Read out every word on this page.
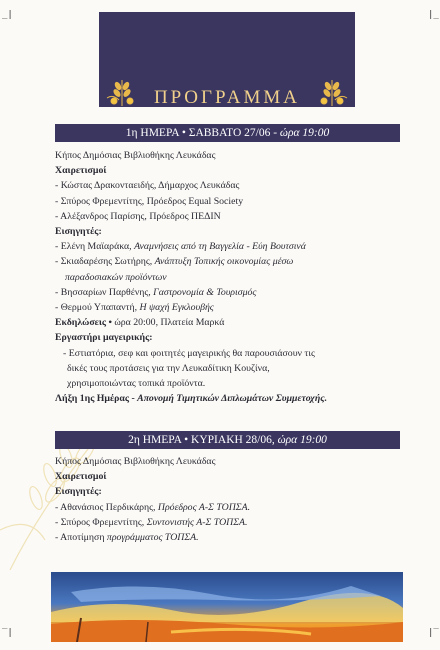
_|	|_
‾|	|‾
ΠΡΟΓΡΑΜΜΑ
1η ΗΜΕΡΑ • ΣΑΒΒΑΤΟ 27/06 - ώρα 19:00
Κήπος Δημόσιας Βιβλιοθήκης Λευκάδας
Χαιρετισμοί
- Κώστας Δρακονταειδής, Δήμαρχος Λευκάδας
- Σπύρος Φρεμεντίτης, Πρόεδρος Equal Society
- Αλέξανδρος Παρίσης, Πρόεδρος ΠΕΔΙΝ
Εισηγητές:
- Ελένη Μαϊαράκα, Αναμνήσεις από τη Βαγγελία - Εύη Βουτσινά
- Σκιαδαρέσης Σωτήρης, Ανάπτυξη Τοπικής οικονομίας μέσω
παραδοσιακών προϊόντων
- Βησσαρίων Παρθένης, Γαστρονομία & Τουρισμός
- Θερμού Υπαπαντή, Η ψαχή Εγκλουβής
Εκδηλώσεις • ώρα 20:00, Πλατεία Μαρκά
Εργαστήρι μαγειρικής:
- Εστιατόρια, σεφ και φοιτητές μαγειρικής θα παρουσιάσουν τις
δικές τους προτάσεις για την Λευκαδίτικη Κουζίνα,
χρησιμοποιώντας τοπικά προϊόντα.
Λήξη 1ης Ημέρας - Απονομή Τιμητικών Διπλωμάτων Συμμετοχής.
2η ΗΜΕΡΑ • ΚΥΡΙΑΚΗ 28/06, ώρα 19:00
Κήπος Δημόσιας Βιβλιοθήκης Λευκάδας
Χαιρετισμοί
Εισηγητές:
- Αθανάσιος Περδικάρης, Πρόεδρος Α-Σ ΤΟΠΣΑ.
- Σπύρος Φρεμεντίτης, Συντονιστής Α-Σ ΤΟΠΣΑ.
- Αποτίμηση προγράμματος ΤΟΠΣΑ.
